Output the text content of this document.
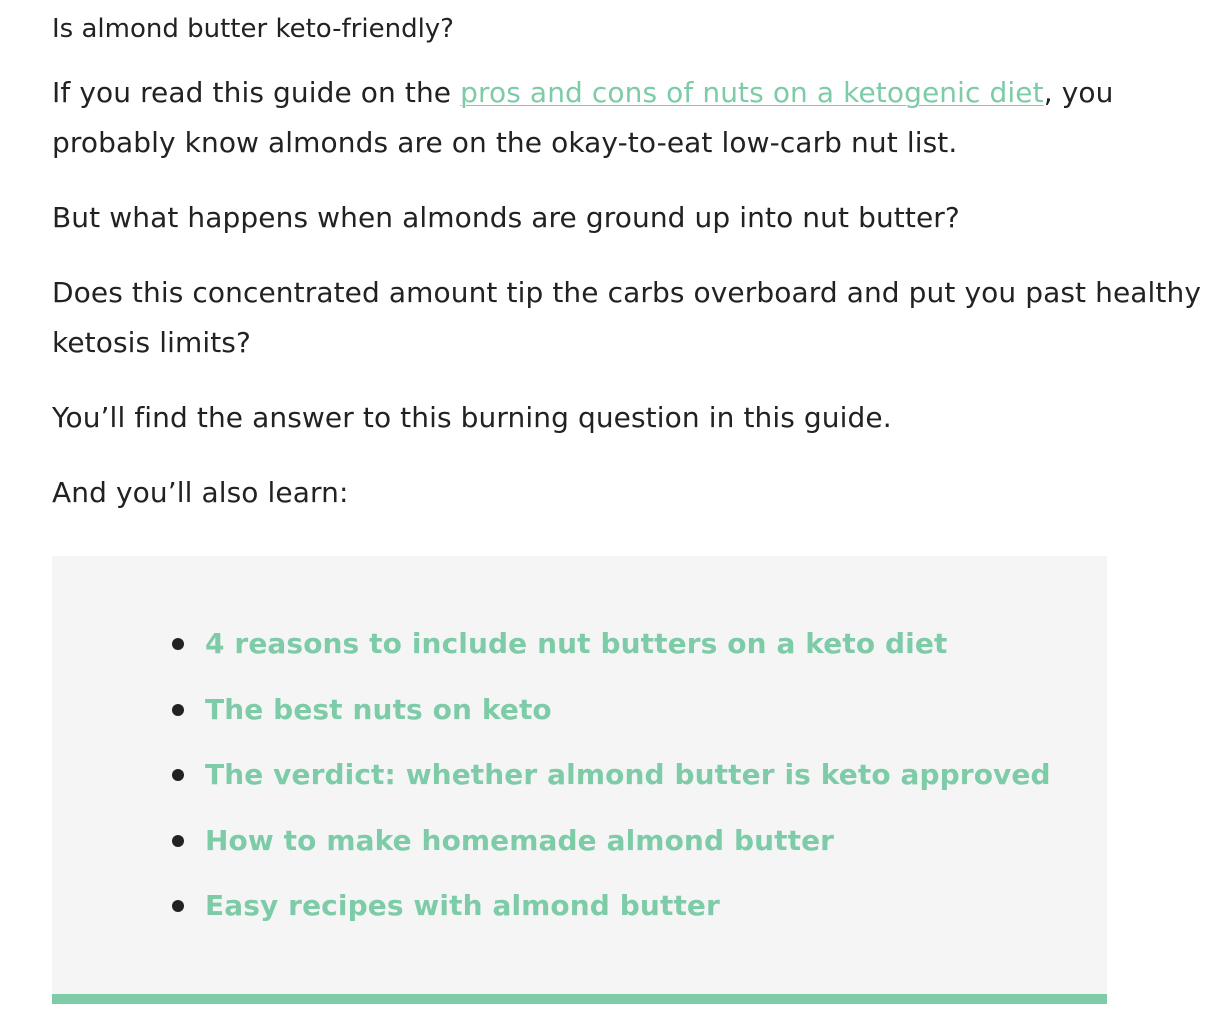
Is almond butter keto-friendly?

If you read this guide on the pros and cons of nuts on a ketogenic diet, you probably know almonds are on the okay-to-eat low-carb nut list.

But what happens when almonds are ground up into nut butter?

Does this concentrated amount tip the carbs overboard and put you past healthy ketosis limits?

You’ll find the answer to this burning question in this guide.

And you’ll also learn:

4 reasons to include nut butters on a keto diet
The best nuts on keto
The verdict: whether almond butter is keto approved
How to make homemade almond butter
Easy recipes with almond butter
